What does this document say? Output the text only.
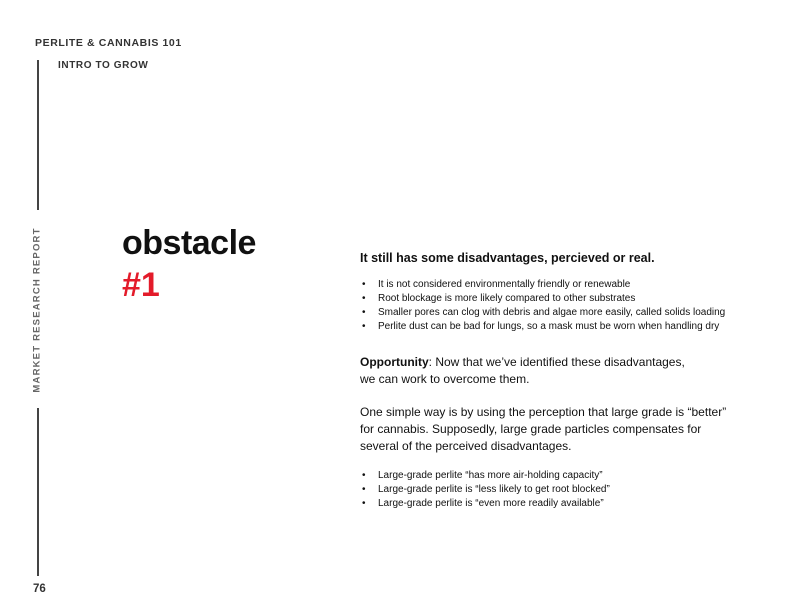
PERLITE & CANNABIS 101
INTRO TO GROW
MARKET RESEARCH REPORT
76
obstacle
#1

It still has some disadvantages, percieved or real.

• It is not considered environmentally friendly or renewable
• Root blockage is more likely compared to other substrates
• Smaller pores can clog with debris and algae more easily, called solids loading
• Perlite dust can be bad for lungs, so a mask must be worn when handling dry

Opportunity: Now that we’ve identified these disadvantages,
we can work to overcome them.

One simple way is by using the perception that large grade is “better”
for cannabis. Supposedly, large grade particles compensates for
several of the perceived disadvantages.

• Large-grade perlite “has more air-holding capacity”
• Large-grade perlite is “less likely to get root blocked”
• Large-grade perlite is “even more readily available”
